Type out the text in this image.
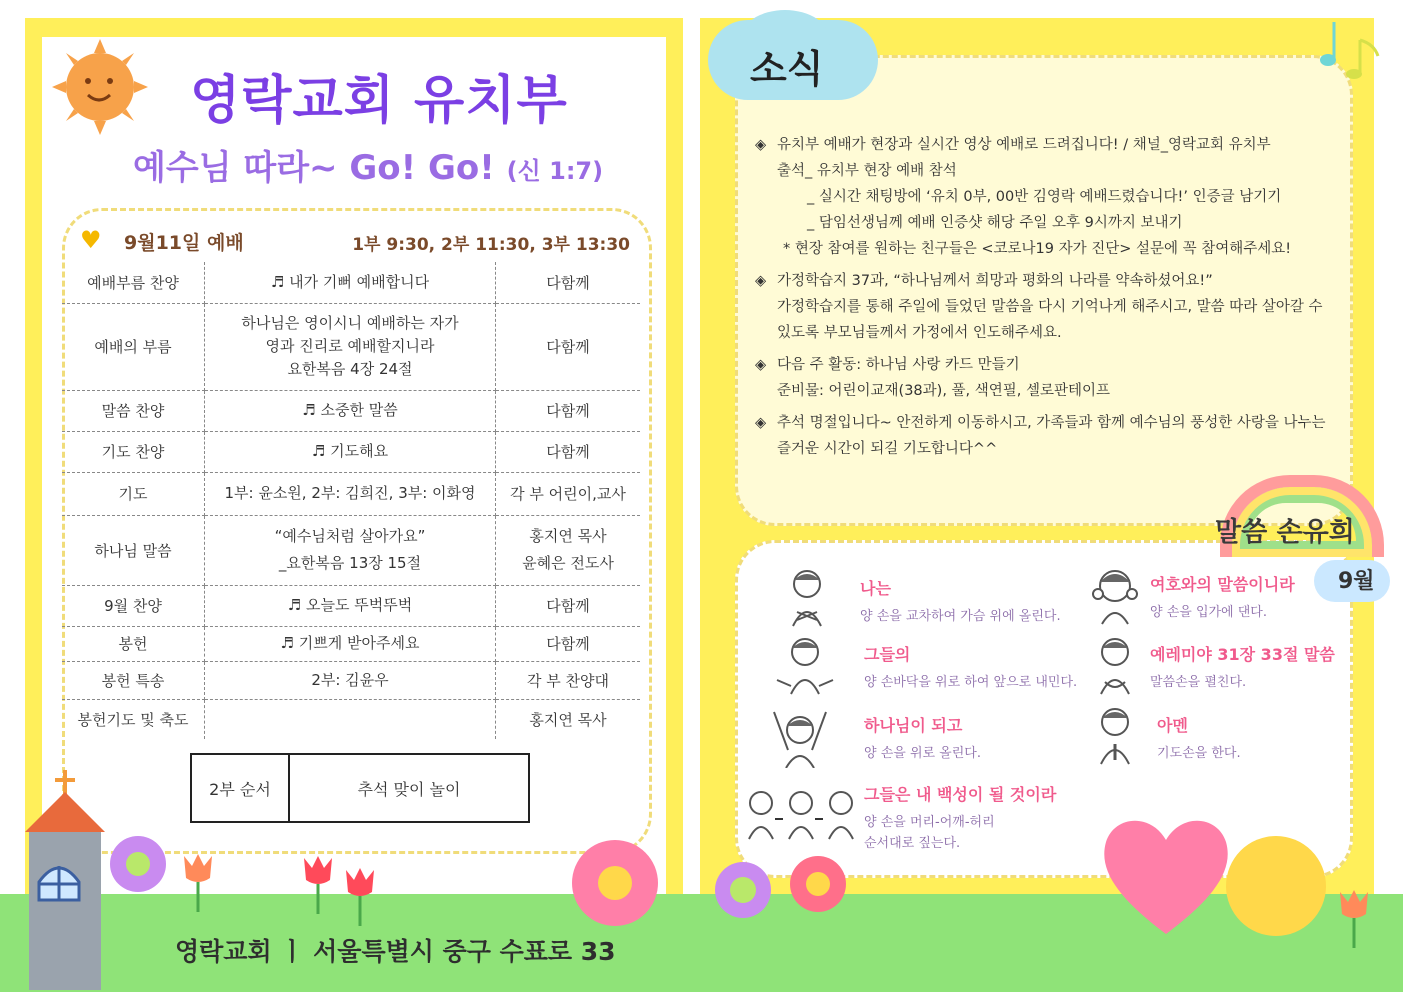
영락교회 유치부
예수님 따라~ Go! Go! (신 1:7)
♥ 9월11일 예배	1부 9:30, 2부 11:30, 3부 13:30
예배부름 찬양	♬ 내가 기뻐 예배합니다	다함께
예배의 부름	하나님은 영이시니 예배하는 자가
영과 진리로 예배할지니라
요한복음 4장 24절	다함께
말씀 찬양	♬ 소중한 말씀	다함께
기도 찬양	♬ 기도해요	다함께
기도	1부: 윤소원, 2부: 김희진, 3부: 이화영	각 부 어린이,교사
하나님 말씀	“예수님처럼 살아가요”
_요한복음 13장 15절	홍지연 목사
윤혜은 전도사
9월 찬양	♬ 오늘도 뚜벅뚜벅	다함께
봉헌	♬ 기쁘게 받아주세요	다함께
봉헌 특송	2부: 김윤우	각 부 찬양대
봉헌기도 및 축도		홍지연 목사
2부 순서	추석 맞이 놀이
소식
◈ 유치부 예배가 현장과 실시간 영상 예배로 드려집니다! / 채널_영락교회 유치부
출석_ 유치부 현장 예배 참석
_ 실시간 채팅방에 ‘유치 0부, 00반 김영락 예배드렸습니다!’ 인증글 남기기
_ 담임선생님께 예배 인증샷 해당 주일 오후 9시까지 보내기
* 현장 참여를 원하는 친구들은 <코로나19 자가 진단> 설문에 꼭 참여해주세요!
◈ 가정학습지 37과, “하나님께서 희망과 평화의 나라를 약속하셨어요!”
가정학습지를 통해 주일에 들었던 말씀을 다시 기억나게 해주시고, 말씀 따라 살아갈 수 있도록 부모님들께서 가정에서 인도해주세요.
◈ 다음 주 활동: 하나님 사랑 카드 만들기
준비물: 어린이교재(38과), 풀, 색연필, 셀로판테이프
◈ 추석 명절입니다~ 안전하게 이동하시고, 가족들과 함께 예수님의 풍성한 사랑을 나누는 즐거운 시간이 되길 기도합니다^^
말씀 손유희
9월
나는
양 손을 교차하여 가슴 위에 올린다.
그들의
양 손바닥을 위로 하여 앞으로 내민다.
하나님이 되고
양 손을 위로 올린다.
그들은 내 백성이 될 것이라
양 손을 머리-어깨-허리
순서대로 짚는다.
여호와의 말씀이니라
양 손을 입가에 댄다.
예레미야 31장 33절 말씀
말씀손을 펼친다.
아멘
기도손을 한다.
영락교회 ㅣ 서울특별시 중구 수표로 33
